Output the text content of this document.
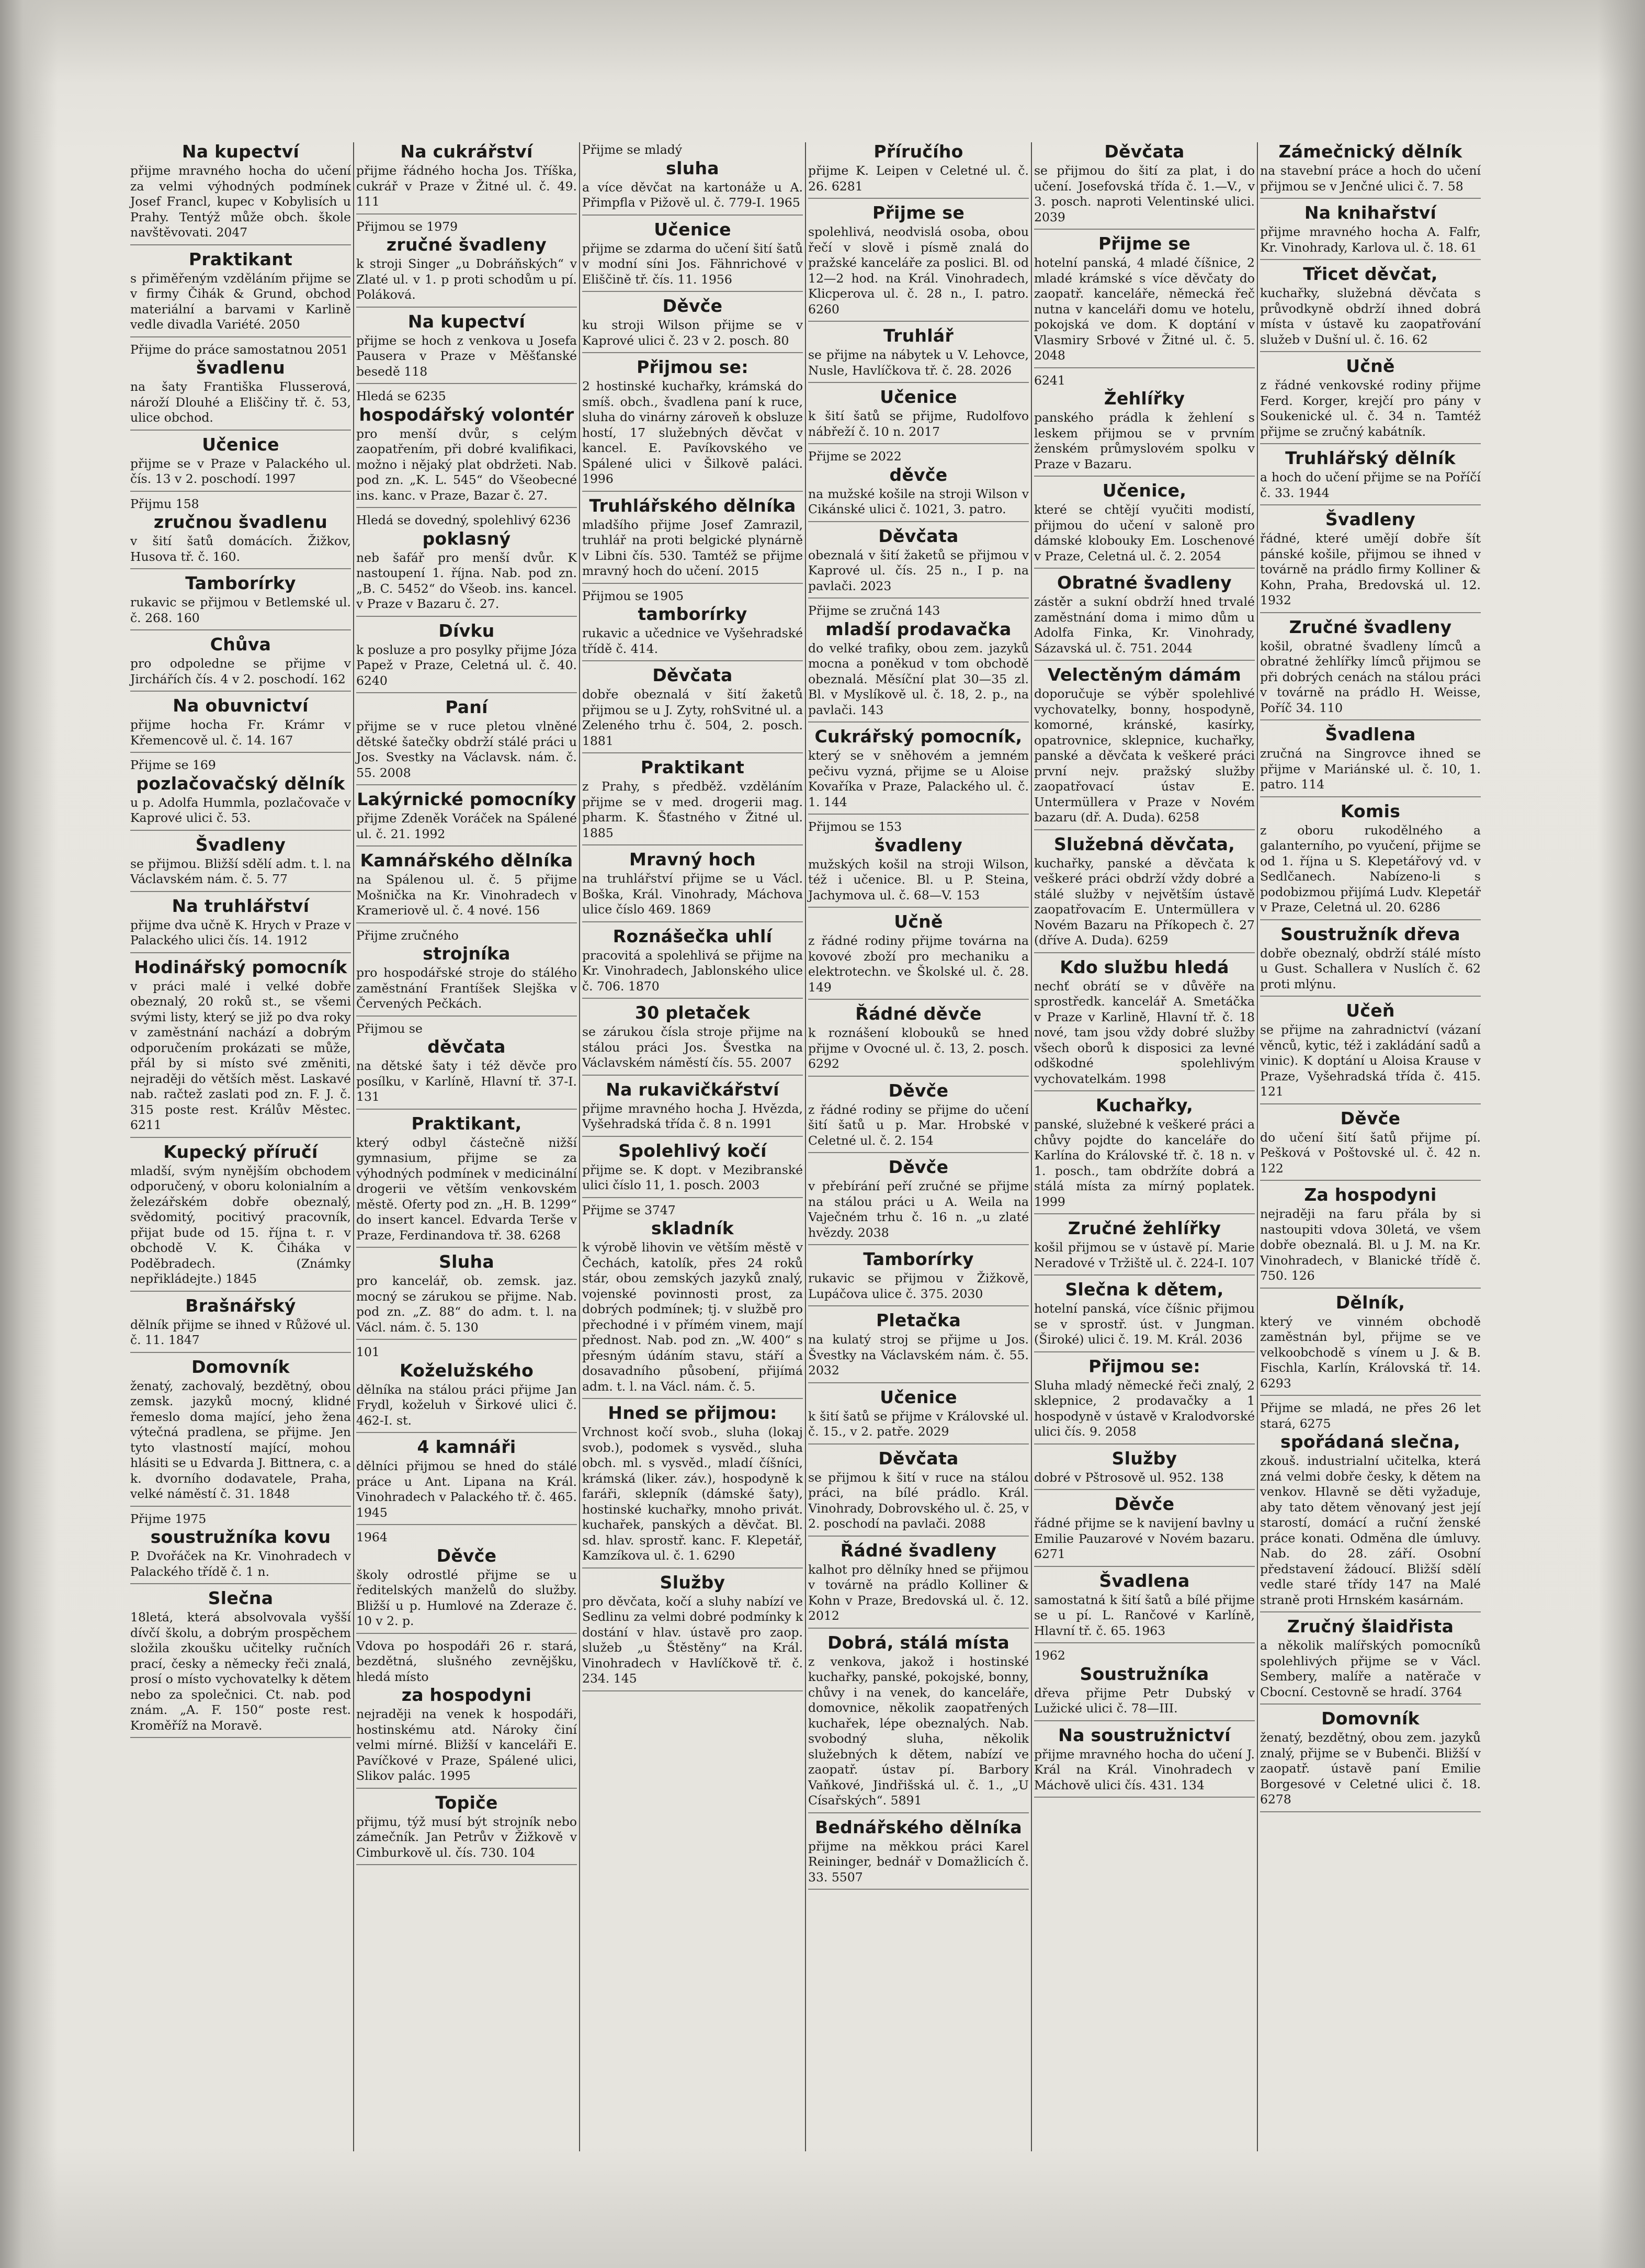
Na kupectví

přijme mravného hocha do učení za velmi výhodných podmínek Josef Francl, kupec v Kobylisích u Prahy. Tentýž může obch. škole navštěvovati. 2047

Praktikant

s přiměřeným vzděláním přijme se v firmy Čihák & Grund, obchod materiální a barvami v Karlině vedle divadla Variété. 2050

Přijme do práce samostatnou 2051

švadlenu

na šaty Františka Flusserová, nároží Dlouhé a Eliščiny tř. č. 53, ulice obchod.

Učenice

přijme se v Praze v Palackého ul. čís. 13 v 2. poschodí. 1997

Přijmu 158

zručnou švadlenu

v šití šatů domácích. Žižkov, Husova tř. č. 160.

Tamborírky

rukavic se přijmou v Betlemské ul. č. 268. 160

Chůva

pro odpoledne se přijme v Jirchářích čís. 4 v 2. poschodí. 162

Na obuvnictví

přijme hocha Fr. Krámr v Křemencově ul. č. 14. 167

Přijme se 169

pozlačovačský dělník

u p. Adolfa Hummla, pozlačovače v Kaprové ulici č. 53.

Švadleny

se přijmou. Bližší sdělí adm. t. l. na Václavském nám. č. 5. 77

Na truhlářství

přijme dva učně K. Hrych v Praze v Palackého ulici čís. 14. 1912

Hodinářský pomocník

v práci malé i velké dobře obeznalý, 20 roků st., se všemi svými listy, který se již po dva roky v zaměstnání nachází a dobrým odporučením prokázati se může, přál by si místo své změniti, nejraději do větších měst. Laskavé nab. račtež zaslati pod zn. F. J. č. 315 poste rest. Králův Městec. 6211

Kupecký příručí

mladší, svým nynějším obchodem odporučený, v oboru kolonialním a železářském dobře obeznalý, svědomitý, pocitivý pracovník, přijat bude od 15. října t. r. v obchodě V. K. Čiháka v Poděbradech. (Známky nepřikládejte.) 1845

Brašnářský

dělník přijme se ihned v Růžové ul. č. 11. 1847

Domovník

ženatý, zachovalý, bezdětný, obou zemsk. jazyků mocný, klidné řemeslo doma mající, jeho žena výtečná pradlena, se přijme. Jen tyto vlastností mající, mohou hlásiti se u Edvarda J. Bittnera, c. a k. dvorního dodavatele, Praha, velké náměstí č. 31. 1848

Přijme 1975

soustružníka kovu

P. Dvořáček na Kr. Vinohradech v Palackého třídě č. 1 n.

Slečna

18letá, která absolvovala vyšší dívčí školu, a dobrým prospěchem složila zkoušku učitelky ručních prací, česky a německy řeči znalá, prosí o místo vychovatelky k dětem nebo za společnici. Ct. nab. pod znám. „A. F. 150“ poste rest. Kroměříž na Moravě.

Na cukrářství

přijme řádného hocha Jos. Tříška, cukrář v Praze v Žitné ul. č. 49. 111

Přijmou se 1979

zručné švadleny

k stroji Singer „u Dobráňských“ v Zlaté ul. v 1. p proti schodům u pí. Poláková.

Na kupectví

přijme se hoch z venkova u Josefa Pausera v Praze v Měšťanské besedě 118

Hledá se 6235

hospodářský volontér

pro menší dvůr, s celým zaopatřením, při dobré kvalifikaci, možno i nějaký plat obdržeti. Nab. pod zn. „K. L. 545“ do Všeobecné ins. kanc. v Praze, Bazar č. 27.

Hledá se dovedný, spolehlivý 6236

poklasný

neb šafář pro menší dvůr. K nastoupení 1. října. Nab. pod zn. „B. C. 5452“ do Všeob. ins. kancel. v Praze v Bazaru č. 27.

Dívku

k posluze a pro posylky přijme Józa Papež v Praze, Celetná ul. č. 40. 6240

Paní

přijme se v ruce pletou vlněné dětské šatečky obdrží stálé práci u Jos. Svestky na Václavsk. nám. č. 55. 2008

Lakýrnické pomocníky

přijme Zdeněk Voráček na Spálené ul. č. 21. 1992

Kamnářského dělníka

na Spálenou ul. č. 5 přijme Mošnička na Kr. Vinohradech v Krameriově ul. č. 4 nové. 156

Přijme zručného

strojníka

pro hospodářské stroje do stálého zaměstnání Frantíšek Slejška v Červených Pečkách.

Přijmou se

děvčata

na dětské šaty i též děvče pro posílku, v Karlíně, Hlavní tř. 37-I. 131

Praktikant,

který odbyl částečně nižší gymnasium, přijme se za výhodných podmínek v medicinální drogerii ve větším venkovském městě. Oferty pod zn. „H. B. 1299“ do insert kancel. Edvarda Terše v Praze, Ferdinandova tř. 38. 6268

Sluha

pro kancelář, ob. zemsk. jaz. mocný se zárukou se přijme. Nab. pod zn. „Z. 88“ do adm. t. l. na Václ. nám. č. 5. 130

101

Koželužského

dělníka na stálou práci přijme Jan Frydl, koželuh v Širkové ulici č. 462-I. st.

4 kamnáři

dělníci přijmou se hned do stálé práce u Ant. Lipana na Král. Vinohradech v Palackého tř. č. 465. 1945

1964

Děvče

školy odrostlé přijme se u ředitelských manželů do služby. Bližší u p. Humlové na Zderaze č. 10 v 2. p.

Vdova po hospodáři 26 r. stará, bezdětná, slušného zevnějšku, hledá místo

za hospodyni

nejraději na venek k hospodáři, hostinskému atd. Nároky činí velmi mírné. Bližší v kanceláři E. Pavíčkové v Praze, Spálené ulici, Slikov palác. 1995

Topiče

přijmu, týž musí být strojník nebo zámečník. Jan Petrův v Žižkově v Cimburkově ul. čís. 730. 104

Přijme se mladý

sluha

a více děvčat na kartonáže u A. Přimpfla v Pižově ul. č. 779-I. 1965

Učenice

přijme se zdarma do učení šití šatů v modní síni Jos. Fähnrichové v Eliščině tř. čís. 11. 1956

Děvče

ku stroji Wilson přijme se v Kaprové ulici č. 23 v 2. posch. 80

Přijmou se:

2 hostinské kuchařky, krámská do smíš. obch., švadlena paní k ruce, sluha do vinárny zároveň k obsluze hostí, 17 služebných děvčat v kancel. E. Pavíkovského ve Spálené ulici v Šilkově paláci. 1996

Truhlářského dělníka

mladšího přijme Josef Zamrazil, truhlář na proti belgické plynárně v Libni čís. 530. Tamtéž se přijme mravný hoch do učení. 2015

Přijmou se 1905

tamborírky

rukavic a učednice ve Vyšehradské třídě č. 414.

Děvčata

dobře obeznalá v šití žaketů přijmou se u J. Zyty, rohSvitné ul. a Zeleného trhu č. 504, 2. posch. 1881

Praktikant

z Prahy, s předběž. vzděláním přijme se v med. drogerii mag. pharm. K. Šťastného v Žitné ul. 1885

Mravný hoch

na truhlářství přijme se u Václ. Boška, Král. Vinohrady, Máchova ulice číslo 469. 1869

Roznášečka uhlí

pracovitá a spolehlivá se přijme na Kr. Vinohradech, Jablonského ulice č. 706. 1870

30 pletaček

se zárukou čísla stroje přijme na stálou práci Jos. Švestka na Václavském náměstí čís. 55. 2007

Na rukavičkářství

přijme mravného hocha J. Hvězda, Vyšehradská třída č. 8 n. 1991

Spolehlivý kočí

přijme se. K dopt. v Mezibranské ulici číslo 11, 1. posch. 2003

Přijme se 3747

skladník

k výrobě lihovin ve větším městě v Čechách, katolík, přes 24 roků stár, obou zemských jazyků znalý, vojenské povinnosti prost, za dobrých podmínek; tj. v službě pro přechodné i v přímém vinem, mají přednost. Nab. pod zn. „W. 400“ s přesným údáním stavu, stáří a dosavadního působení, přijímá adm. t. l. na Václ. nám. č. 5.

Hned se přijmou:

Vrchnost kočí svob., sluha (lokaj svob.), podomek s vysvěd., sluha obch. ml. s vysvěd., mladí číšníci, krámská (liker. záv.), hospodyně k faráři, sklepník (dámské šaty), hostinské kuchařky, mnoho privát. kuchařek, panských a děvčat. Bl. sd. hlav. sprostř. kanc. F. Klepetář, Kamzíkova ul. č. 1. 6290

Služby

pro děvčata, kočí a sluhy nabízí ve Sedlinu za velmi dobré podmínky k dostání v hlav. ústavě pro zaop. služeb „u Štěstěny“ na Král. Vinohradech v Havlíčkově tř. č. 234. 145

Příručího

přijme K. Leipen v Celetné ul. č. 26. 6281

Přijme se

spolehlivá, neodvislá osoba, obou řečí v slově i písmě znalá do pražské kanceláře za poslici. Bl. od 12—2 hod. na Král. Vinohradech, Klicperova ul. č. 28 n., I. patro. 6260

Truhlář

se přijme na nábytek u V. Lehovce, Nusle, Havlíčkova tř. č. 28. 2026

Učenice

k šití šatů se přijme, Rudolfovo nábřeží č. 10 n. 2017

Přijme se 2022

děvče

na mužské košile na stroji Wilson v Cikánské ulici č. 1021, 3. patro.

Děvčata

obeznalá v šití žaketů se přijmou v Kaprové ul. čís. 25 n., I p. na pavlači. 2023

Přijme se zručná 143

mladší prodavačka

do velké trafiky, obou zem. jazyků mocna a poněkud v tom obchodě obeznalá. Měsíční plat 30—35 zl. Bl. v Myslíkově ul. č. 18, 2. p., na pavlači. 143

Cukrářský pomocník,

který se v sněhovém a jemném pečivu vyzná, přijme se u Aloise Kovaříka v Praze, Palackého ul. č. 1. 144

Přijmou se 153

švadleny

mužských košil na stroji Wilson, též i učenice. Bl. u P. Steina, Jachymova ul. č. 68—V. 153

Učně

z řádné rodiny přijme továrna na kovové zboží pro mechaniku a elektrotechn. ve Školské ul. č. 28. 149

Řádné děvče

k roznášení klobouků se hned přijme v Ovocné ul. č. 13, 2. posch. 6292

Děvče

z řádné rodiny se přijme do učení šití šatů u p. Mar. Hrobské v Celetné ul. č. 2. 154

Děvče

v přebírání peří zručné se přijme na stálou práci u A. Weila na Vaječném trhu č. 16 n. „u zlaté hvězdy. 2038

Tamborírky

rukavic se přijmou v Žižkově, Lupáčova ulice č. 375. 2030

Pletačka

na kulatý stroj se přijme u Jos. Švestky na Václavském nám. č. 55. 2032

Učenice

k šití šatů se přijme v Královské ul. č. 15., v 2. patře. 2029

Děvčata

se přijmou k šití v ruce na stálou práci, na bílé prádlo. Král. Vinohrady, Dobrovského ul. č. 25, v 2. poschodí na pavlači. 2088

Řádné švadleny

kalhot pro dělníky hned se přijmou v továrně na prádlo Kolliner & Kohn v Praze, Bredovská ul. č. 12. 2012

Dobrá, stálá místa

z venkova, jakož i hostinské kuchařky, panské, pokojské, bonny, chůvy i na venek, do kanceláře, domovnice, několik zaopatřených kuchařek, lépe obeznalých. Nab. svobodný sluha, několik služebných k dětem, nabízí ve zaopatř. ústav pí. Barbory Vaňkové, Jindřišská ul. č. 1., „U Císařských“. 5891

Bednářského dělníka

přijme na měkkou práci Karel Reininger, bednář v Domažlicích č. 33. 5507

Děvčata

se přijmou do šití za plat, i do učení. Josefovská třída č. 1.—V., v 3. posch. naproti Velentinské ulici. 2039

Přijme se

hotelní panská, 4 mladé číšnice, 2 mladé krámské s více děvčaty do zaopatř. kanceláře, německá řeč nutna v kanceláři domu ve hotelu, pokojská ve dom. K doptání v Vlasmiry Srbové v Žitné ul. č. 5. 2048

6241

Žehlířky

panského prádla k žehlení s leskem přijmou se v prvním ženském průmyslovém spolku v Praze v Bazaru.

Učenice,

které se chtějí vyučiti modistí, přijmou do učení v saloně pro dámské klobouky Em. Loschenové v Praze, Celetná ul. č. 2. 2054

Obratné švadleny

zástěr a sukní obdrží hned trvalé zaměstnání doma i mimo dům u Adolfa Finka, Kr. Vinohrady, Sázavská ul. č. 751. 2044

Velectěným dámám

doporučuje se výběr spolehlivé vychovatelky, bonny, hospodyně, komorné, kránské, kasírky, opatrovnice, sklepnice, kuchařky, panské a děvčata k veškeré práci první nejv. pražský služby zaopatřovací ústav E. Untermüllera v Praze v Novém bazaru (dř. A. Duda). 6258

Služebná děvčata,

kuchařky, panské a děvčata k veškeré práci obdrží vždy dobré a stálé služby v největším ústavě zaopatřovacím E. Untermüllera v Novém Bazaru na Příkopech č. 27 (dříve A. Duda). 6259

Kdo službu hledá

nechť obrátí se v důvěře na sprostředk. kancelář A. Smetáčka v Praze v Karlině, Hlavní tř. č. 18 nové, tam jsou vždy dobré služby všech oborů k disposici za levné odškodné spolehlivým vychovatelkám. 1998

Kuchařky,

panské, služebné k veškeré práci a chůvy pojdte do kanceláře do Karlína do Královské tř. č. 18 n. v 1. posch., tam obdržíte dobrá a stálá místa za mírný poplatek. 1999

Zručné žehlířky

košil přijmou se v ústavě pí. Marie Neradové v Tržiště ul. č. 224-I. 107

Slečna k dětem,

hotelní panská, více číšnic přijmou se v sprostř. úst. v Jungman. (Široké) ulici č. 19. M. Král. 2036

Přijmou se:

Sluha mladý německé řeči znalý, 2 sklepnice, 2 prodavačky a 1 hospodyně v ústavě v Kralodvorské ulici čís. 9. 2058

Služby

dobré v Pštrosově ul. 952. 138

Děvče

řádné přijme se k navijení bavlny u Emilie Pauzarové v Novém bazaru. 6271

Švadlena

samostatná k šití šatů a bílé přijme se u pí. L. Rančové v Karlíně, Hlavní tř. č. 65. 1963

1962

Soustružníka

dřeva přijme Petr Dubský v Lužické ulici č. 78—III.

Na soustružnictví

přijme mravného hocha do učení J. Král na Král. Vinohradech v Máchově ulici čís. 431. 134

Zámečnický dělník

na stavební práce a hoch do učení přijmou se v Jenčné ulici č. 7. 58

Na knihařství

přijme mravného hocha A. Falfr, Kr. Vinohrady, Karlova ul. č. 18. 61

Třicet děvčat,

kuchařky, služebná děvčata s průvodkyně obdrží ihned dobrá místa v ústavě ku zaopatřování služeb v Dušní ul. č. 16. 62

Učně

z řádné venkovské rodiny přijme Ferd. Korger, krejčí pro pány v Soukenické ul. č. 34 n. Tamtéž přijme se zručný kabátník.

Truhlářský dělník

a hoch do učení přijme se na Poříčí č. 33. 1944

Švadleny

řádné, které umějí dobře šít pánské košile, přijmou se ihned v továrně na prádlo firmy Kolliner & Kohn, Praha, Bredovská ul. 12. 1932

Zručné švadleny

košil, obratné švadleny límců a obratné žehlířky límců přijmou se při dobrých cenách na stálou práci v továrně na prádlo H. Weisse, Poříč 34. 110

Švadlena

zručná na Singrovce ihned se přijme v Mariánské ul. č. 10, 1. patro. 114

Komis

z oboru rukodělného a galanterního, po vyučení, přijme se od 1. října u S. Klepetářový vd. v Sedlčanech. Nabízeno-li s podobizmou přijímá Ludv. Klepetář v Praze, Celetná ul. 20. 6286

Soustružník dřeva

dobře obeznalý, obdrží stálé místo u Gust. Schallera v Nuslích č. 62 proti mlýnu.

Učeň

se přijme na zahradnictví (vázaní věnců, kytic, též i zakládání sadů a vinic). K doptání u Aloisa Krause v Praze, Vyšehradská třída č. 415. 121

Děvče

do učení šití šatů přijme pí. Pešková v Poštovské ul. č. 42 n. 122

Za hospodyni

nejraději na faru přála by si nastoupiti vdova 30letá, ve všem dobře obeznalá. Bl. u J. M. na Kr. Vinohradech, v Blanické třídě č. 750. 126

Dělník,

který ve vinném obchodě zaměstnán byl, přijme se ve velkoobchodě s vínem u J. & B. Fischla, Karlín, Královská tř. 14. 6293

Přijme se mladá, ne přes 26 let stará, 6275

spořádaná slečna,

zkouš. industrialní učitelka, která zná velmi dobře česky, k dětem na venkov. Hlavně se děti vyžaduje, aby tato dětem věnovaný jest její starostí, domácí a ruční ženské práce konati. Odměna dle úmluvy. Nab. do 28. září. Osobní představení žádoucí. Bližší sdělí vedle staré třídy 147 na Malé straně proti Hrnském kasárnám.

Zručný šlaidřista

a několik malířských pomocníků spolehlivých přijme se v Václ. Sembery, malíře a natěrače v Cbocní. Cestovně se hradí. 3764

Domovník

ženatý, bezdětný, obou zem. jazyků znalý, přijme se v Bubenči. Bližší v zaopatř. ústavě paní Emilie Borgesové v Celetné ulici č. 18. 6278
